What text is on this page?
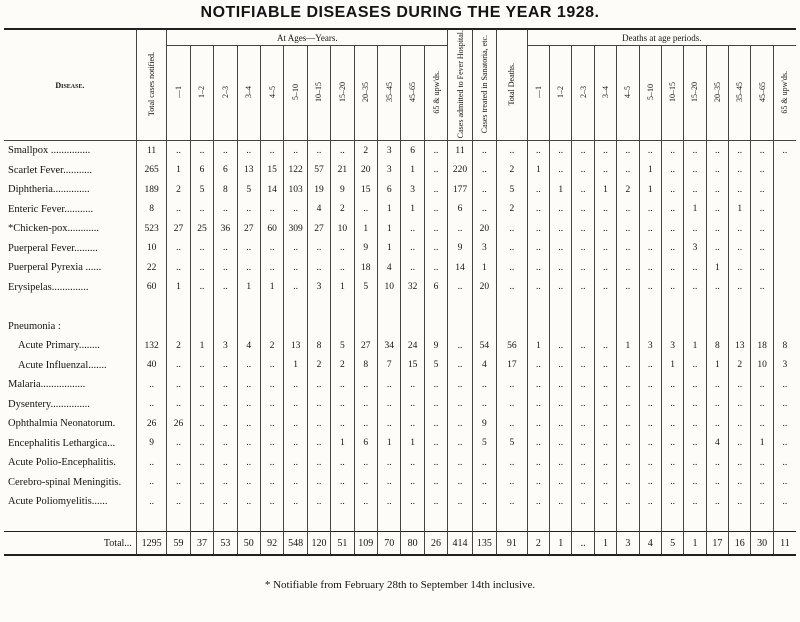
NOTIFIABLE DISEASES DURING THE YEAR 1928.
Disease.	Total cases notified.	At Ages—Years.												Cases admitted to Fever Hospital.	Cases treated in Sanatoria, etc.	Total Deaths.	Deaths at age periods.											
		—1	1–2	2–3	3–4	4–5	5–10	10–15	15–20	20–35	35–45	45–65	65 & upw'ds.				—1	1–2	2–3	3–4	4–5	5–10	10–15	15–20	20–35	35–45	45–65	65 & upw'ds.
Smallpox ...............	11	..	..	..	..	..	..	..	..	2	3	6	..	11	..	..	..	..	..	..	..	..	..	..	..	..	..	..
Scarlet Fever...........	265	1	6	6	13	15	122	57	21	20	3	1	..	220	..	2	1	..	..	..	..	1	..	..	..	..	..	
Diphtheria..............	189	2	5	8	5	14	103	19	9	15	6	3	..	177	..	5	..	1	..	1	2	1	..	..	..	..	..	
Enteric Fever...........	8	..	..	..	..	..	..	4	2	..	1	1	..	6	..	2	..	..	..	..	..	..	..	1	..	1	..	
*Chicken-pox............	523	27	25	36	27	60	309	27	10	1	1	..	..	..	20	..	..	..	..	..	..	..	..	..	..	..	..	
Puerperal Fever.........	10	..	..	..	..	..	..	..	..	9	1	..	..	9	3	..	..	..	..	..	..	..	..	3	..	..	..	
Puerperal Pyrexia ......	22	..	..	..	..	..	..	..	..	18	4	..	..	14	1	..	..	..	..	..	..	..	..	..	1	..	..	
Erysipelas..............	60	1	..	..	1	1	..	3	1	5	10	32	6	..	20	..	..	..	..	..	..	..	..	..	..	..	..	

Pneumonia :																												
Acute Primary........	132	2	1	3	4	2	13	8	5	27	34	24	9	..	54	56	1	..	..	..	1	3	3	1	8	13	18	8
Acute Influenzal.......	40	..	..	..	..	..	1	2	2	8	7	15	5	..	4	17	..	..	..	..	..	..	1	..	1	2	10	3
Malaria.................	..	..	..	..	..	..	..	..	..	..	..	..	..	..	..	..	..	..	..	..	..	..	..	..	..	..	..	..
Dysentery...............	..	..	..	..	..	..	..	..	..	..	..	..	..	..	..	..	..	..	..	..	..	..	..	..	..	..	..	..
Ophthalmia Neonatorum.	26	26	..	..	..	..	..	..	..	..	..	..	..	..	9	..	..	..	..	..	..	..	..	..	..	..	..	..
Encephalitis Lethargica...	9	..	..	..	..	..	..	..	1	6	1	1	..	..	5	5	..	..	..	..	..	..	..	..	4	..	1	..
Acute Polio-Encephalitis.	..	..	..	..	..	..	..	..	..	..	..	..	..	..	..	..	..	..	..	..	..	..	..	..	..	..	..	..
Cerebro-spinal Meningitis.	..	..	..	..	..	..	..	..	..	..	..	..	..	..	..	..	..	..	..	..	..	..	..	..	..	..	..	..
Acute Poliomyelitis......	..	..	..	..	..	..	..	..	..	..	..	..	..	..	..	..	..	..	..	..	..	..	..	..	..	..	..	..

Total...	1295	59	37	53	50	92	548	120	51	109	70	80	26	414	135	91	2	1	..	1	3	4	5	1	17	16	30	11
* Notifiable from February 28th to September 14th inclusive.
